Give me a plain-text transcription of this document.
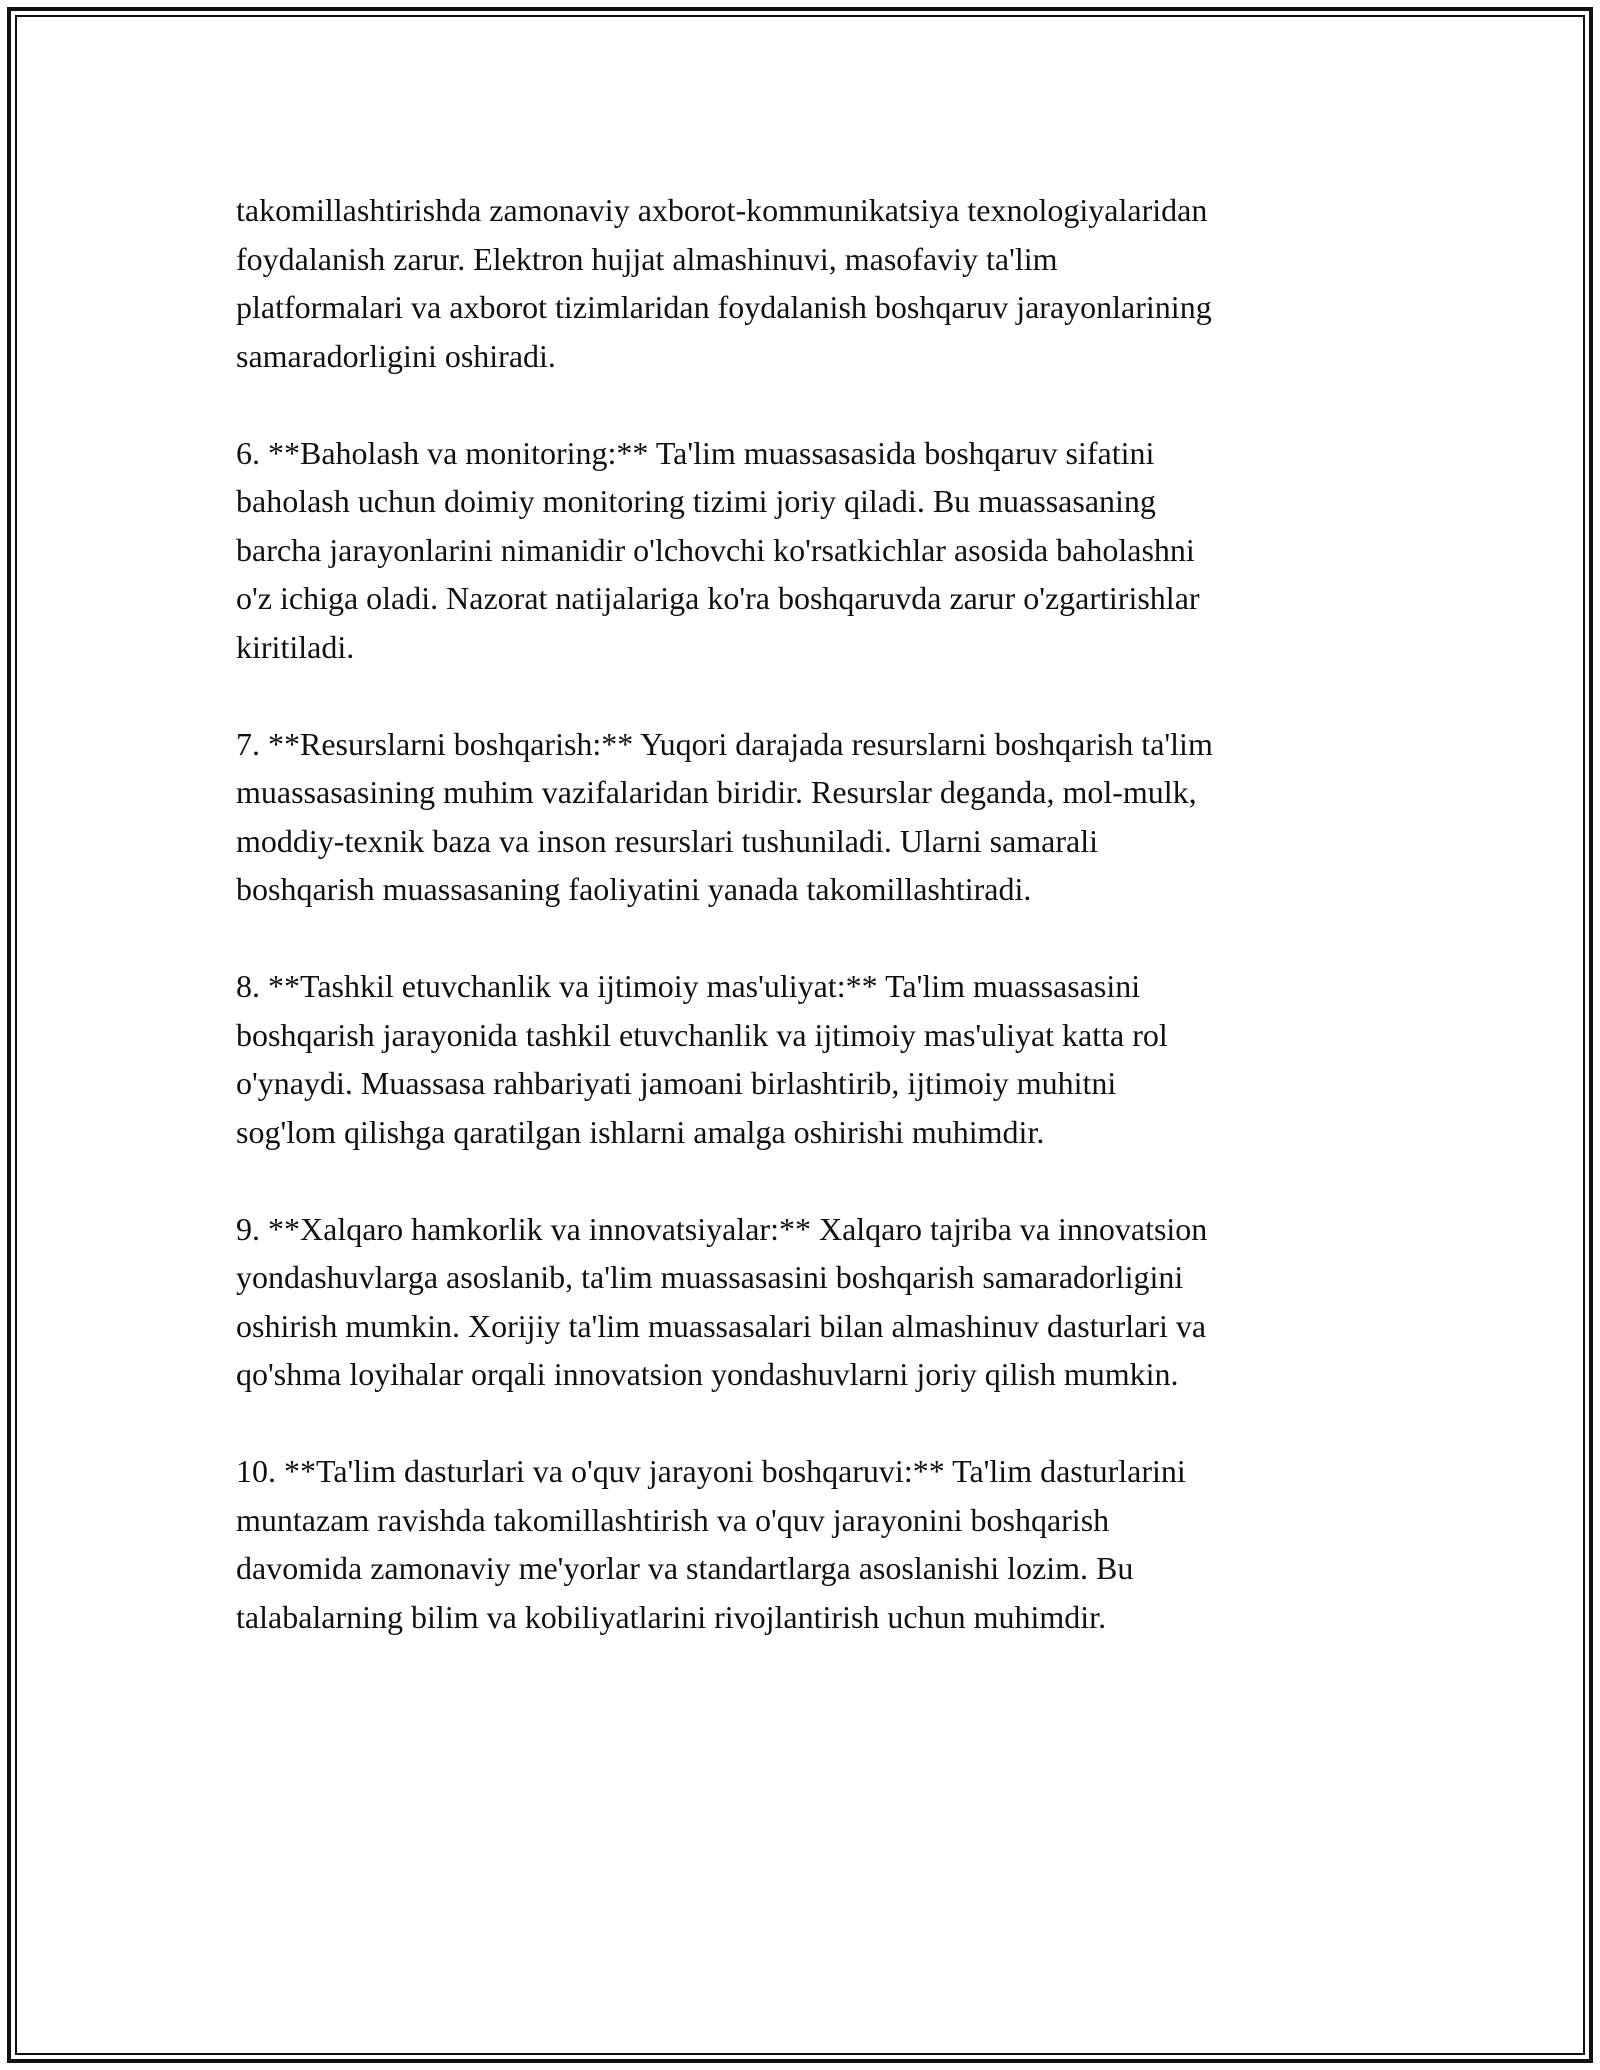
takomillashtirishda zamonaviy axborot-kommunikatsiya texnologiyalaridan
foydalanish zarur. Elektron hujjat almashinuvi, masofaviy ta'lim
platformalari va axborot tizimlaridan foydalanish boshqaruv jarayonlarining
samaradorligini oshiradi.

6. **Baholash va monitoring:** Ta'lim muassasasida boshqaruv sifatini
baholash uchun doimiy monitoring tizimi joriy qiladi. Bu muassasaning
barcha jarayonlarini nimanidir o'lchovchi ko'rsatkichlar asosida baholashni
o'z ichiga oladi. Nazorat natijalariga ko'ra boshqaruvda zarur o'zgartirishlar
kiritiladi.

7. **Resurslarni boshqarish:** Yuqori darajada resurslarni boshqarish ta'lim
muassasasining muhim vazifalaridan biridir. Resurslar deganda, mol-mulk,
moddiy-texnik baza va inson resurslari tushuniladi. Ularni samarali
boshqarish muassasaning faoliyatini yanada takomillashtiradi.

8. **Tashkil etuvchanlik va ijtimoiy mas'uliyat:** Ta'lim muassasasini
boshqarish jarayonida tashkil etuvchanlik va ijtimoiy mas'uliyat katta rol
o'ynaydi. Muassasa rahbariyati jamoani birlashtirib, ijtimoiy muhitni
sog'lom qilishga qaratilgan ishlarni amalga oshirishi muhimdir.

9. **Xalqaro hamkorlik va innovatsiyalar:** Xalqaro tajriba va innovatsion
yondashuvlarga asoslanib, ta'lim muassasasini boshqarish samaradorligini
oshirish mumkin. Xorijiy ta'lim muassasalari bilan almashinuv dasturlari va
qo'shma loyihalar orqali innovatsion yondashuvlarni joriy qilish mumkin.

10. **Ta'lim dasturlari va o'quv jarayoni boshqaruvi:** Ta'lim dasturlarini
muntazam ravishda takomillashtirish va o'quv jarayonini boshqarish
davomida zamonaviy me'yorlar va standartlarga asoslanishi lozim. Bu
talabalarning bilim va kobiliyatlarini rivojlantirish uchun muhimdir.
